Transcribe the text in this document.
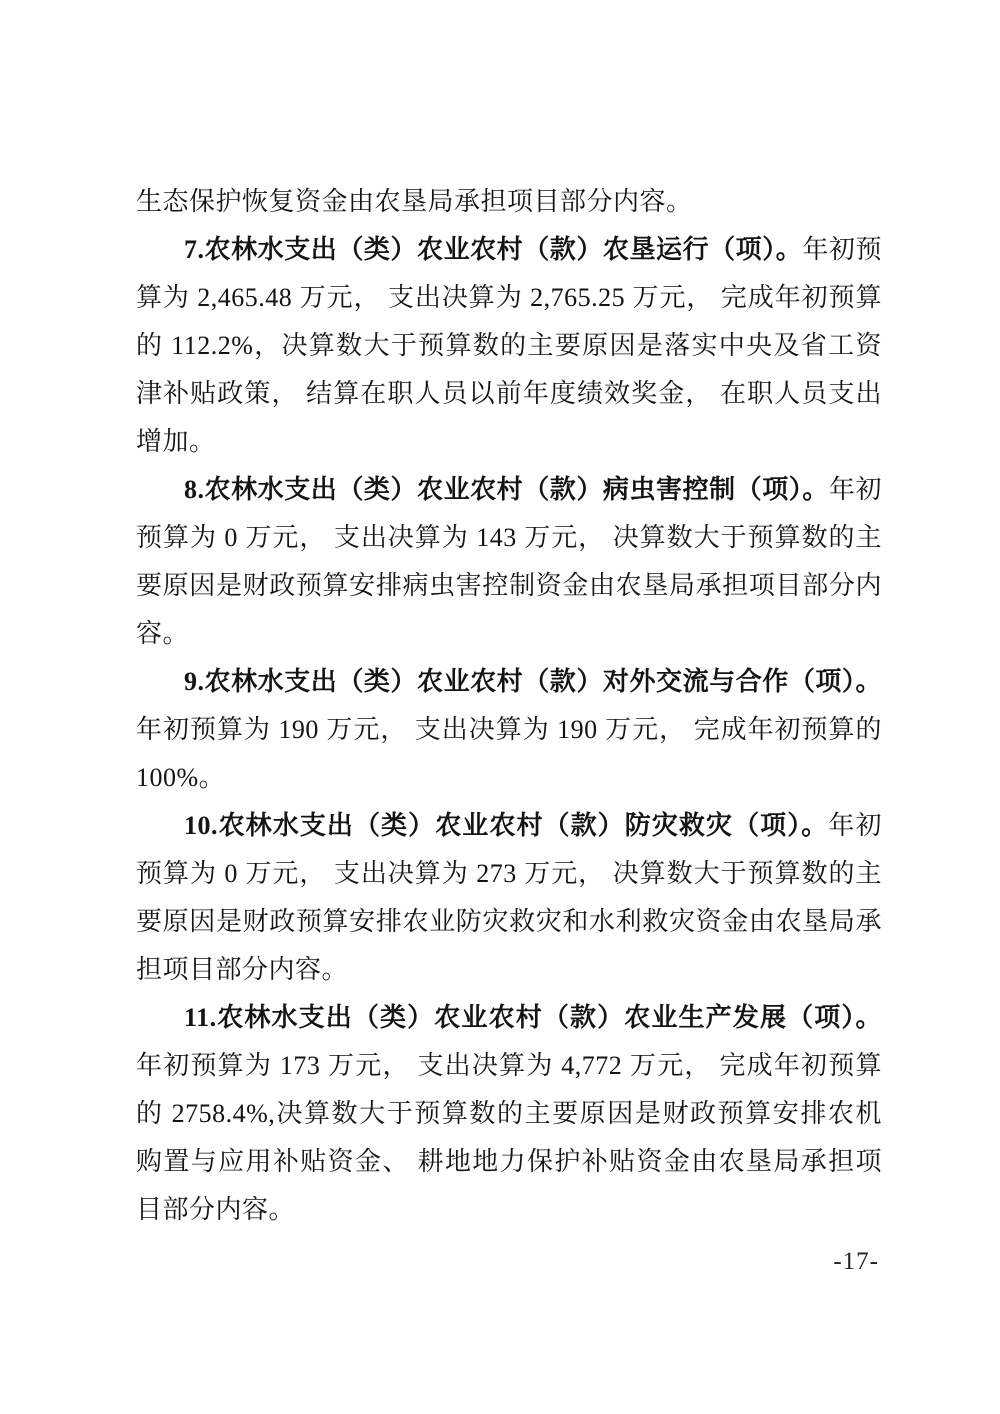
生态保护恢复资金由农垦局承担项目部分内容。

7.农林水支出（类）农业农村（款）农垦运行（项）。年初预算为 2,465.48 万元， 支出决算为 2,765.25 万元， 完成年初预算的 112.2%，决算数大于预算数的主要原因是落实中央及省工资津补贴政策， 结算在职人员以前年度绩效奖金， 在职人员支出增加。

8.农林水支出（类）农业农村（款）病虫害控制（项）。年初预算为 0 万元， 支出决算为 143 万元， 决算数大于预算数的主要原因是财政预算安排病虫害控制资金由农垦局承担项目部分内容。

9.农林水支出（类）农业农村（款）对外交流与合作（项）。年初预算为 190 万元， 支出决算为 190 万元， 完成年初预算的 100%。

10.农林水支出（类）农业农村（款）防灾救灾（项）。年初预算为 0 万元， 支出决算为 273 万元， 决算数大于预算数的主要原因是财政预算安排农业防灾救灾和水利救灾资金由农垦局承担项目部分内容。

11.农林水支出（类）农业农村（款）农业生产发展（项）。年初预算为 173 万元， 支出决算为 4,772 万元， 完成年初预算的 2758.4%,决算数大于预算数的主要原因是财政预算安排农机购置与应用补贴资金、 耕地地力保护补贴资金由农垦局承担项目部分内容。

-17-
